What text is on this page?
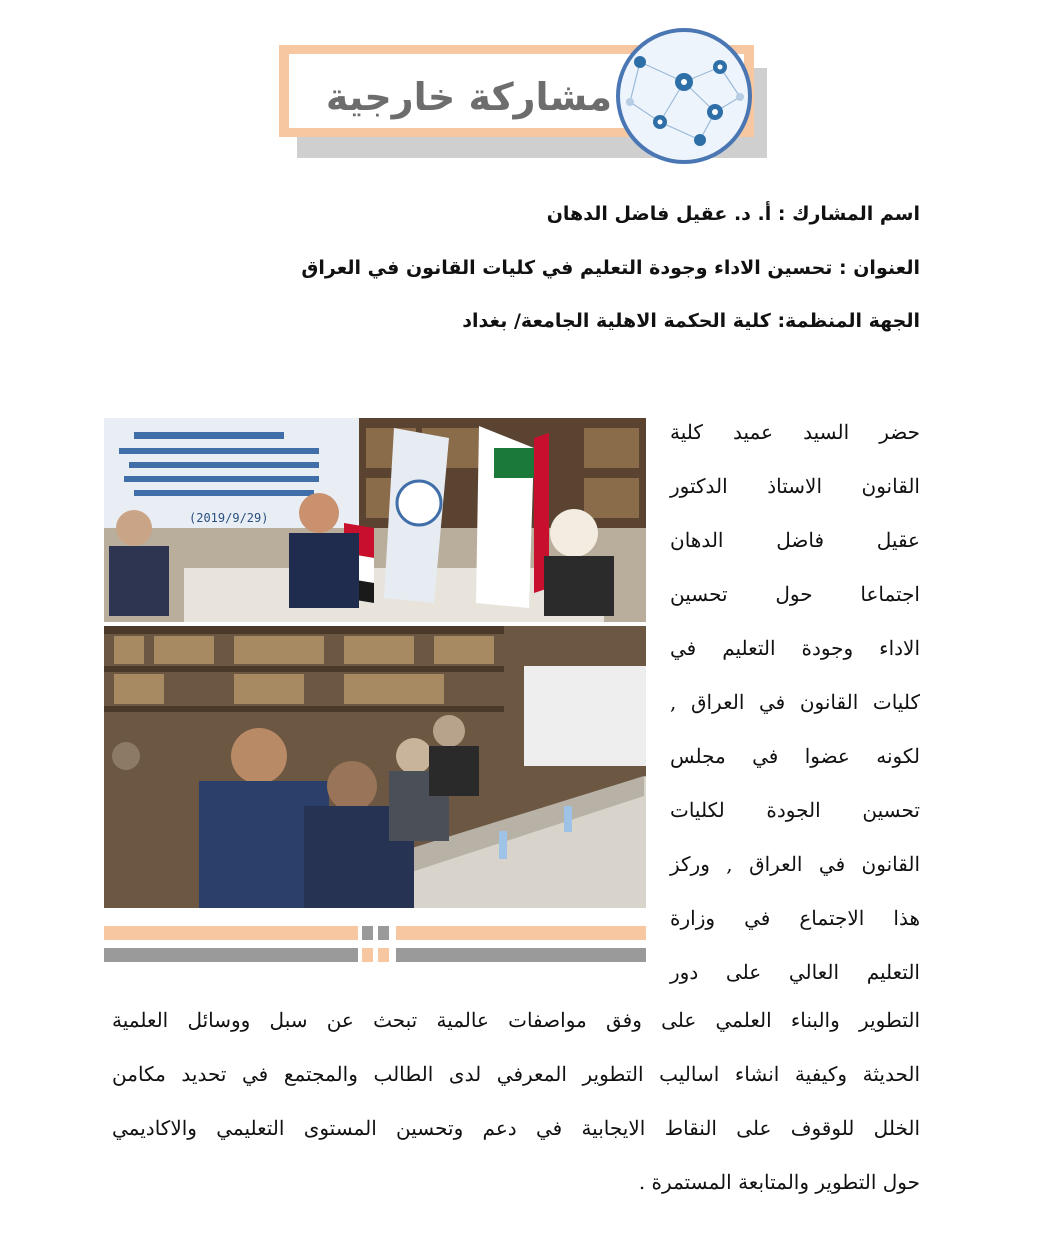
مشاركة خارجية
اسم المشارك : أ. د. عقيل فاضل الدهان
العنوان : تحسين الاداء وجودة التعليم في كليات القانون في العراق
الجهة المنظمة: كلية الحكمة الاهلية الجامعة/ بغداد
(2019/9/29)
حضر السيد عميد كلية
القانون الاستاذ الدكتور
عقيل فاضل الدهان
اجتماعا حول تحسين
الاداء وجودة التعليم في
كليات القانون في العراق ,
لكونه عضوا في مجلس
تحسين الجودة لكليات
القانون في العراق , وركز
هذا الاجتماع في وزارة
التعليم العالي على دور
التطوير والبناء العلمي على وفق مواصفات عالمية تبحث عن سبل ووسائل العلمية
الحديثة وكيفية انشاء اساليب التطوير المعرفي لدى الطالب والمجتمع في تحديد مكامن
الخلل للوقوف على النقاط الايجابية في دعم وتحسين المستوى التعليمي والاكاديمي
حول التطوير والمتابعة المستمرة .
